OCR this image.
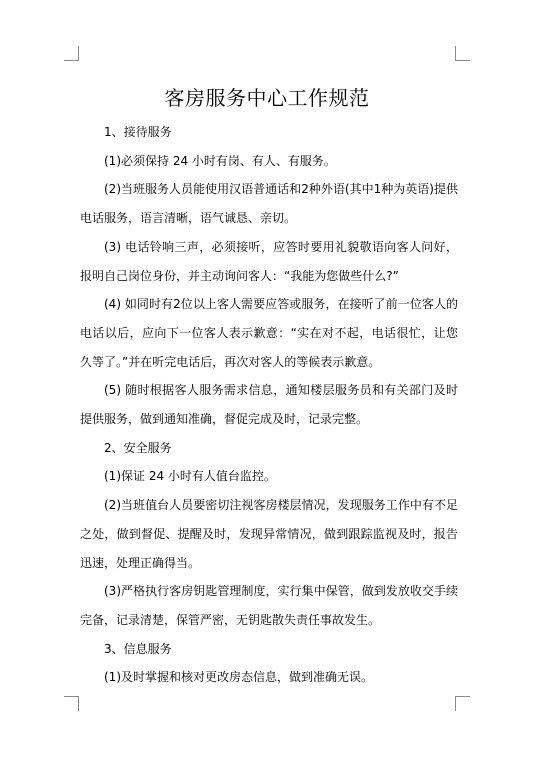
客房服务中心工作规范

1、接待服务

(1)必须保持 24 小时有岗、有人、有服务。

(2)当班服务人员能使用汉语普通话和2种外语(其中1种为英语)提供电话服务，语言清晰，语气诚恳、亲切。

(3) 电话铃响三声，必须接听，应答时要用礼貌敬语向客人问好，报明自己岗位身份，并主动询问客人：“我能为您做些什么?”

(4) 如同时有2位以上客人需要应答或服务，在接听了前一位客人的电话以后，应向下一位客人表示歉意：“实在对不起，电话很忙，让您久等了。”并在听完电话后，再次对客人的等候表示歉意。

(5) 随时根据客人服务需求信息，通知楼层服务员和有关部门及时提供服务，做到通知准确，督促完成及时，记录完整。

2、安全服务

(1)保证 24 小时有人值台监控。

(2)当班值台人员要密切注视客房楼层情况，发现服务工作中有不足之处，做到督促、提醒及时，发现异常情况，做到跟踪监视及时，报告迅速，处理正确得当。

(3)严格执行客房钥匙管理制度，实行集中保管，做到发放收交手续完备，记录清楚，保管严密，无钥匙散失责任事故发生。

3、信息服务

(1)及时掌握和核对更改房态信息，做到准确无误。
